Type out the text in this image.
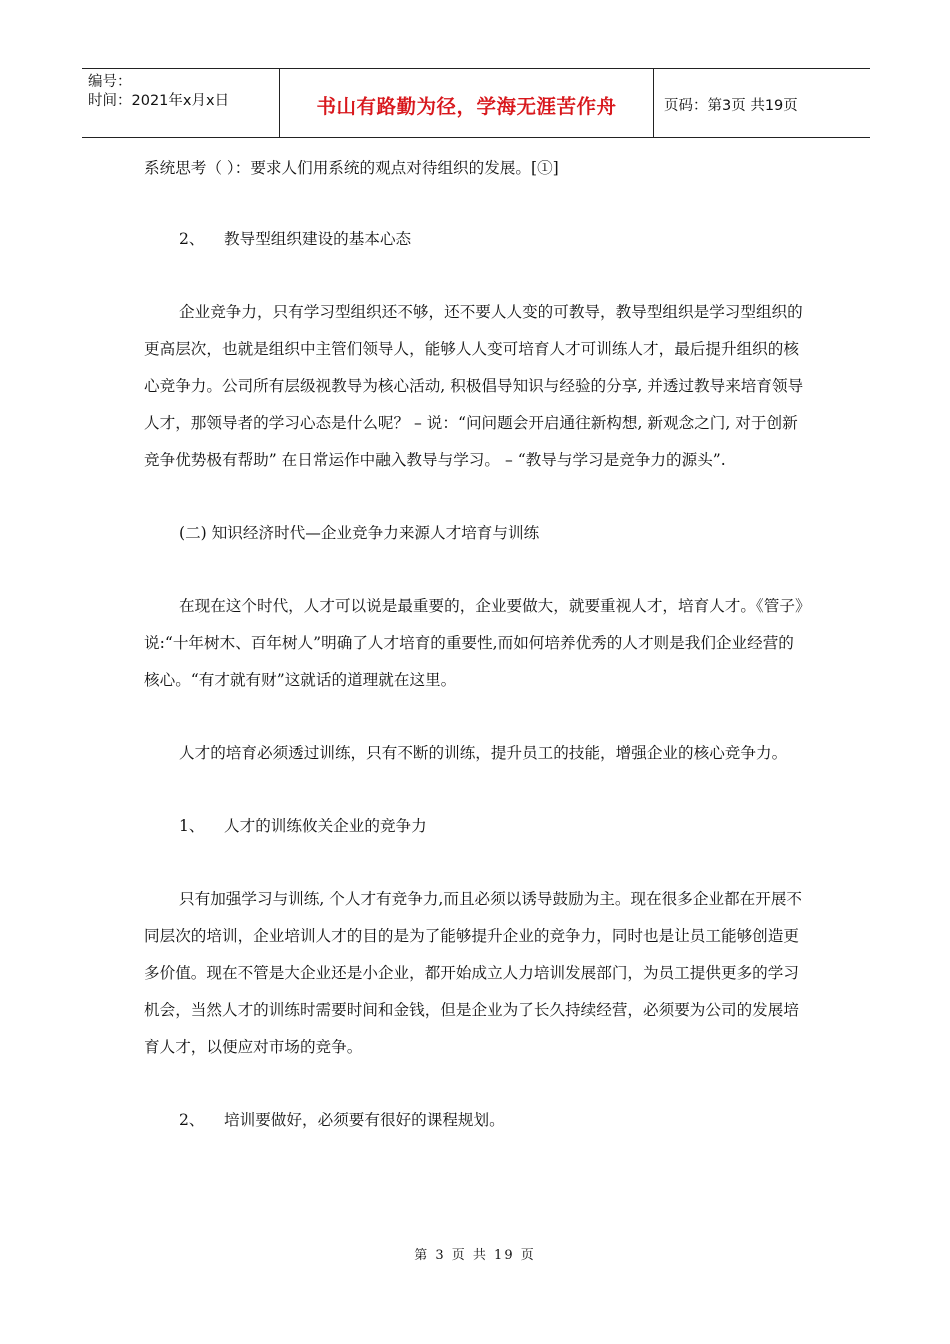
编号：
时间：2021年x月x日	书山有路勤为径，学海无涯苦作舟	页码：第3页 共19页

系统思考（ ）：要求人们用系统的观点对待组织的发展。[①]

2、 教导型组织建设的基本心态

企业竞争力，只有学习型组织还不够，还不要人人变的可教导，教导型组织是学习型组织的更高层次，也就是组织中主管们领导人，能够人人变可培育人才可训练人才，最后提升组织的核心竞争力。公司所有层级视教导为核心活动, 积极倡导知识与经验的分享, 并透过教导来培育领导人才，那领导者的学习心态是什么呢？ – 说：“问问题会开启通往新构想, 新观念之门, 对于创新竞争优势极有帮助” 在日常运作中融入教导与学习。 – “教导与学习是竞争力的源头”.

(二) 知识经济时代—企业竞争力来源人才培育与训练

在现在这个时代，人才可以说是最重要的，企业要做大，就要重视人才，培育人才。《管子》说:“十年树木、百年树人”明确了人才培育的重要性,而如何培养优秀的人才则是我们企业经营的核心。“有才就有财”这就话的道理就在这里。

人才的培育必须透过训练，只有不断的训练，提升员工的技能，增强企业的核心竞争力。

1、 人才的训练攸关企业的竞争力

只有加强学习与训练, 个人才有竞争力,而且必须以诱导鼓励为主。现在很多企业都在开展不同层次的培训，企业培训人才的目的是为了能够提升企业的竞争力，同时也是让员工能够创造更多价值。现在不管是大企业还是小企业，都开始成立人力培训发展部门，为员工提供更多的学习机会，当然人才的训练时需要时间和金钱，但是企业为了长久持续经营，必须要为公司的发展培育人才，以便应对市场的竞争。

2、 培训要做好，必须要有很好的课程规划。

第 3 页 共 19 页
